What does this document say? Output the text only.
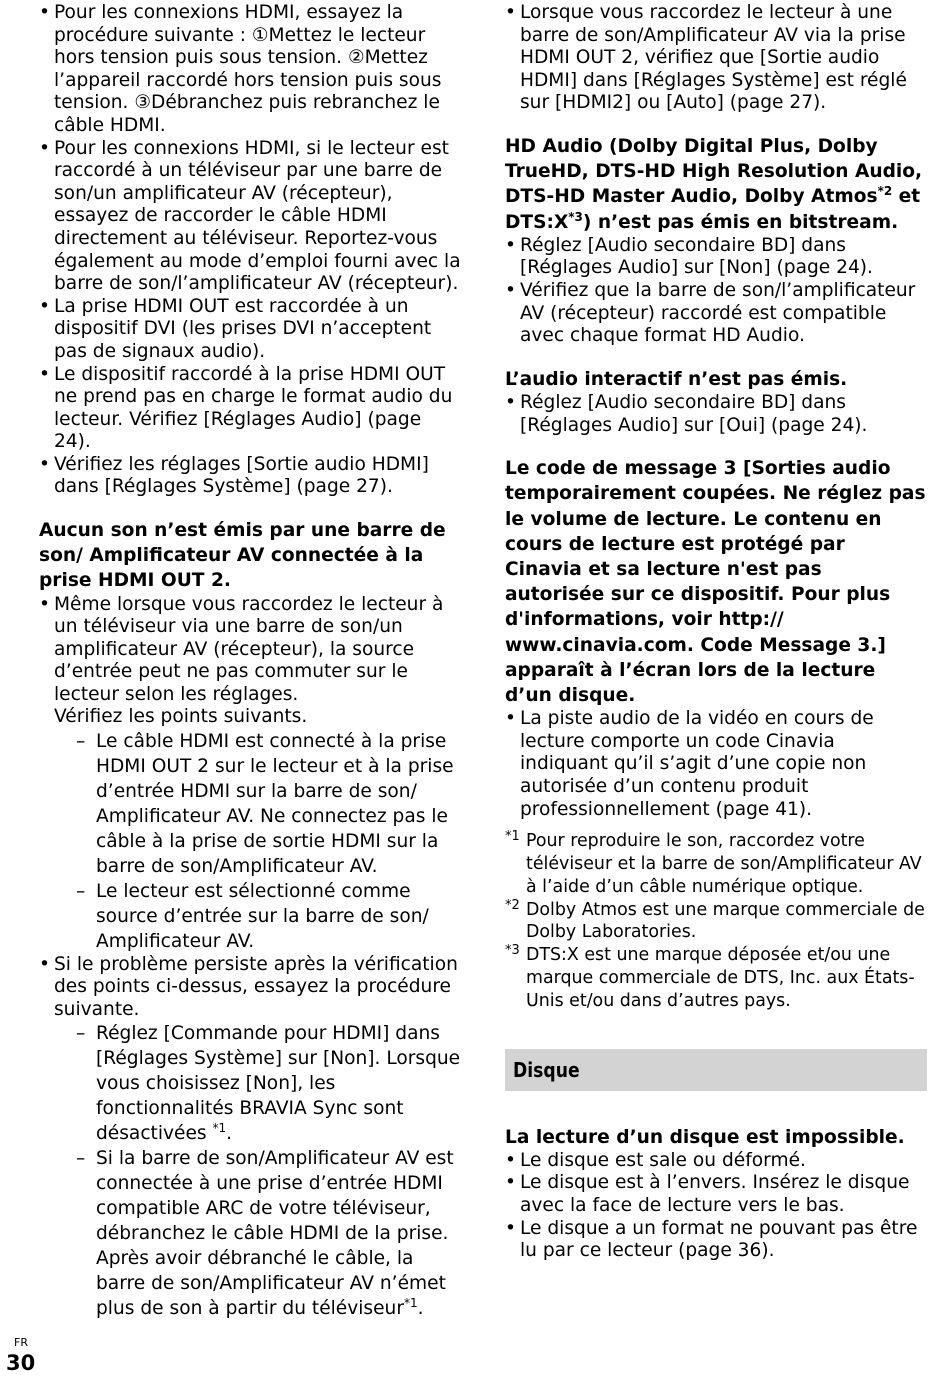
• Pour les connexions HDMI, essayez la procédure suivante : ①Mettez le lecteur hors tension puis sous tension. ②Mettez l’appareil raccordé hors tension puis sous tension. ③Débranchez puis rebranchez le câble HDMI.

• Pour les connexions HDMI, si le lecteur est raccordé à un téléviseur par une barre de son/un amplificateur AV (récepteur), essayez de raccorder le câble HDMI directement au téléviseur. Reportez-vous également au mode d’emploi fourni avec la barre de son/l’amplificateur AV (récepteur).

• La prise HDMI OUT est raccordée à un dispositif DVI (les prises DVI n’acceptent pas de signaux audio).

• Le dispositif raccordé à la prise HDMI OUT ne prend pas en charge le format audio du lecteur. Vérifiez [Réglages Audio] (page 24).

• Vérifiez les réglages [Sortie audio HDMI] dans [Réglages Système] (page 27).

Aucun son n’est émis par une barre de son/ Amplificateur AV connectée à la prise HDMI OUT 2.

• Même lorsque vous raccordez le lecteur à un téléviseur via une barre de son/un amplificateur AV (récepteur), la source d’entrée peut ne pas commuter sur le lecteur selon les réglages.

Vérifiez les points suivants.

– Le câble HDMI est connecté à la prise HDMI OUT 2 sur le lecteur et à la prise d’entrée HDMI sur la barre de son/ Amplificateur AV. Ne connectez pas le câble à la prise de sortie HDMI sur la barre de son/Amplificateur AV.

– Le lecteur est sélectionné comme source d’entrée sur la barre de son/ Amplificateur AV.

• Si le problème persiste après la vérification des points ci-dessus, essayez la procédure suivante.

– Réglez [Commande pour HDMI] dans [Réglages Système] sur [Non]. Lorsque vous choisissez [Non], les fonctionnalités BRAVIA Sync sont désactivées $^{*1}$.

– Si la barre de son/Amplificateur AV est connectée à une prise d’entrée HDMI compatible ARC de votre téléviseur, débranchez le câble HDMI de la prise. Après avoir débranché le câble, la barre de son/Amplificateur AV n’émet plus de son à partir du téléviseur$^{*1}$.

• Lorsque vous raccordez le lecteur à une barre de son/Amplificateur AV via la prise HDMI OUT 2, vérifiez que [Sortie audio HDMI] dans [Réglages Système] est réglé sur [HDMI2] ou [Auto] (page 27).

HD Audio (Dolby Digital Plus, Dolby TrueHD, DTS-HD High Resolution Audio, DTS-HD Master Audio, Dolby Atmos$^{*2}$ et $DTS:X^{*3}$) n’est pas émis en bitstream.

• Réglez [Audio secondaire BD] dans [Réglages Audio] sur [Non] (page 24).

• Vérifiez que la barre de son/l’amplificateur AV (récepteur) raccordé est compatible avec chaque format HD Audio.

L’audio interactif n’est pas émis.

• Réglez [Audio secondaire BD] dans [Réglages Audio] sur [Oui] (page 24).

Le code de message 3 [Sorties audio temporairement coupées. Ne réglez pas le volume de lecture. Le contenu en cours de lecture est protégé par Cinavia et sa lecture n'est pas autorisée sur ce dispositif. Pour plus d'informations, voir http:// www.cinavia.com. Code Message 3.] apparaît à l’écran lors de la lecture d’un disque.

• La piste audio de la vidéo en cours de lecture comporte un code Cinavia indiquant qu’il s’agit d’une copie non autorisée d’un contenu produit professionnellement (page 41).

*1 Pour reproduire le son, raccordez votre téléviseur et la barre de son/Amplificateur AV à l’aide d’un câble numérique optique.

*2 Dolby Atmos est une marque commerciale de Dolby Laboratories.

*3 DTS:X est une marque déposée et/ou une marque commerciale de DTS, Inc. aux États-Unis et/ou dans d’autres pays.

Disque

La lecture d’un disque est impossible.

• Le disque est sale ou déformé.

• Le disque est à l’envers. Insérez le disque avec la face de lecture vers le bas.

• Le disque a un format ne pouvant pas être lu par ce lecteur (page 36).

FR
30
